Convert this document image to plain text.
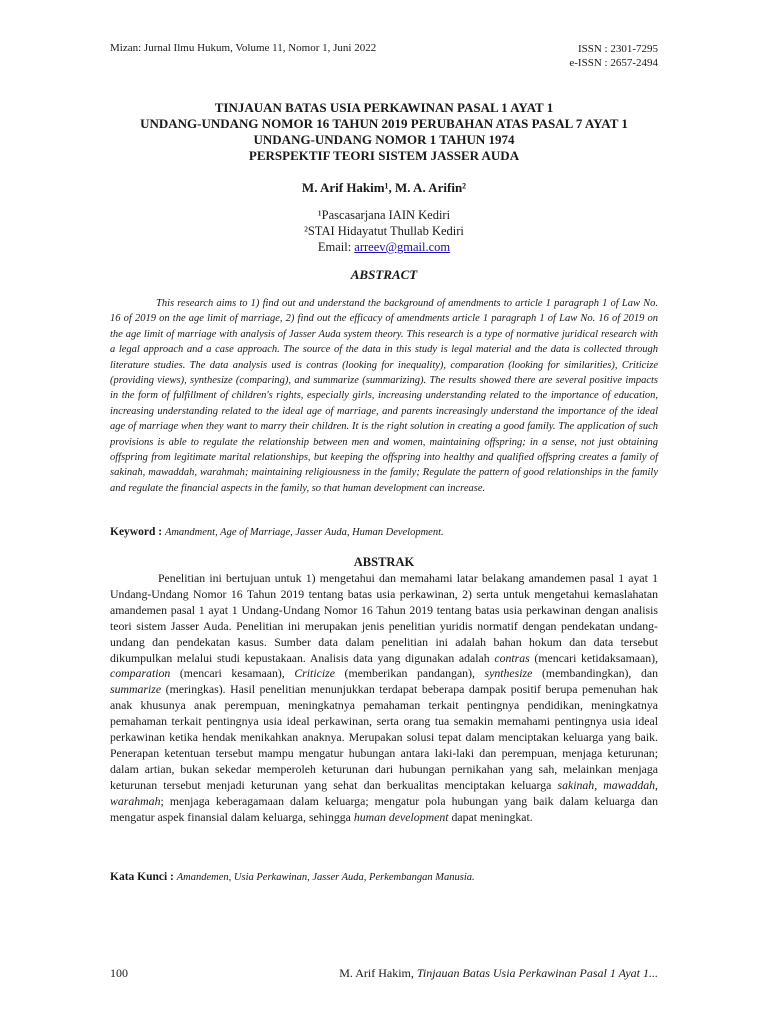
Mizan: Jurnal Ilmu Hukum, Volume 11, Nomor 1, Juni 2022	ISSN : 2301-7295
e-ISSN : 2657-2494
TINJAUAN BATAS USIA PERKAWINAN PASAL 1 AYAT 1
UNDANG-UNDANG NOMOR 16 TAHUN 2019 PERUBAHAN ATAS PASAL 7 AYAT 1
UNDANG-UNDANG NOMOR 1 TAHUN 1974
PERSPEKTIF TEORI SISTEM JASSER AUDA
M. Arif Hakim¹, M. A. Arifin²
¹Pascasarjana IAIN Kediri
²STAI Hidayatut Thullab Kediri
Email: arreev@gmail.com
ABSTRACT

This research aims to 1) find out and understand the background of amendments to article 1 paragraph 1 of Law No. 16 of 2019 on the age limit of marriage, 2) find out the efficacy of amendments article 1 paragraph 1 of Law No. 16 of 2019 on the age limit of marriage with analysis of Jasser Auda system theory. This research is a type of normative juridical research with a legal approach and a case approach. The source of the data in this study is legal material and the data is collected through literature studies. The data analysis used is contras (looking for inequality), comparation (looking for similarities), Criticize (providing views), synthesize (comparing), and summarize (summarizing). The results showed there are several positive impacts in the form of fulfillment of children's rights, especially girls, increasing understanding related to the importance of education, increasing understanding related to the ideal age of marriage, and parents increasingly understand the importance of the ideal age of marriage when they want to marry their children. It is the right solution in creating a good family. The application of such provisions is able to regulate the relationship between men and women, maintaining offspring; in a sense, not just obtaining offspring from legitimate marital relationships, but keeping the offspring into healthy and qualified offspring creates a family of sakinah, mawaddah, warahmah; maintaining religiousness in the family; Regulate the pattern of good relationships in the family and regulate the financial aspects in the family, so that human development can increase.

Keyword : Amandment, Age of Marriage, Jasser Auda, Human Development.
ABSTRAK

Penelitian ini bertujuan untuk 1) mengetahui dan memahami latar belakang amandemen pasal 1 ayat 1 Undang-Undang Nomor 16 Tahun 2019 tentang batas usia perkawinan, 2) serta untuk mengetahui kemaslahatan amandemen pasal 1 ayat 1 Undang-Undang Nomor 16 Tahun 2019 tentang batas usia perkawinan dengan analisis teori sistem Jasser Auda. Penelitian ini merupakan jenis penelitian yuridis normatif dengan pendekatan undang-undang dan pendekatan kasus. Sumber data dalam penelitian ini adalah bahan hokum dan data tersebut dikumpulkan melalui studi kepustakaan. Analisis data yang digunakan adalah contras (mencari ketidaksamaan), comparation (mencari kesamaan), Criticize (memberikan pandangan), synthesize (membandingkan), dan summarize (meringkas). Hasil penelitian menunjukkan terdapat beberapa dampak positif berupa pemenuhan hak anak khusunya anak perempuan, meningkatnya pemahaman terkait pentingnya pendidikan, meningkatnya pemahaman terkait pentingnya usia ideal perkawinan, serta orang tua semakin memahami pentingnya usia ideal perkawinan ketika hendak menikahkan anaknya. Merupakan solusi tepat dalam menciptakan keluarga yang baik. Penerapan ketentuan tersebut mampu mengatur hubungan antara laki-laki dan perempuan, menjaga keturunan; dalam artian, bukan sekedar memperoleh keturunan dari hubungan pernikahan yang sah, melainkan menjaga keturunan tersebut menjadi keturunan yang sehat dan berkualitas menciptakan keluarga sakinah, mawaddah, warahmah; menjaga keberagamaan dalam keluarga; mengatur pola hubungan yang baik dalam keluarga dan mengatur aspek finansial dalam keluarga, sehingga human development dapat meningkat.

Kata Kunci : Amandemen, Usia Perkawinan, Jasser Auda, Perkembangan Manusia.
100	M. Arif Hakim, Tinjauan Batas Usia Perkawinan Pasal 1 Ayat 1...
